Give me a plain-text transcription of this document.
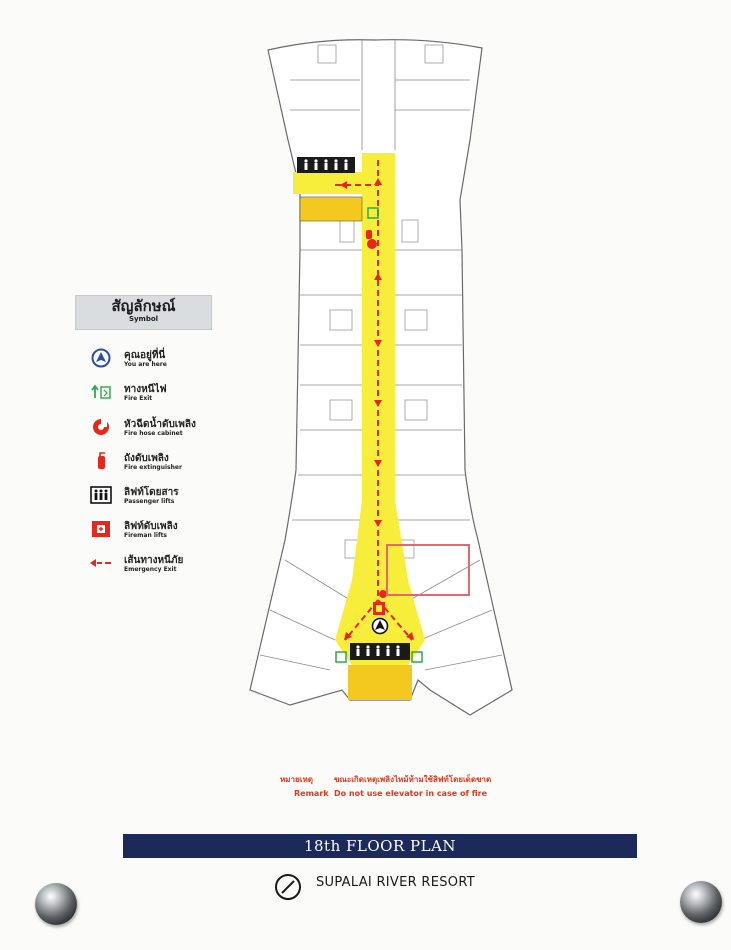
สัญลักษณ์
Symbol
คุณอยู่ที่นี่
You are here
ทางหนีไฟ
Fire Exit
หัวฉีดน้ำดับเพลิง
Fire hose cabinet
ถังดับเพลิง
Fire extinguisher
ลิฟท์โดยสาร
Passenger lifts
ลิฟท์ดับเพลิง
Fireman lifts
เส้นทางหนีภัย
Emergency Exit
หมายเหตุ	ขณะเกิดเหตุเพลิงไหม้ห้ามใช้ลิฟท์โดยเด็ดขาด
Remark Do not use elevator in case of fire
18th FLOOR PLAN
SUPALAI RIVER RESORT
